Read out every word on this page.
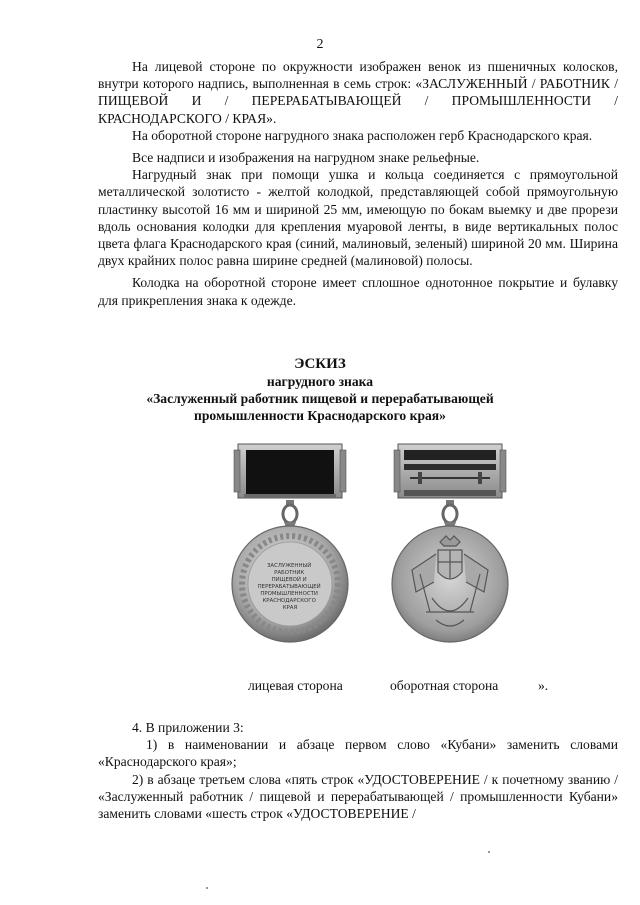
2

На лицевой стороне по окружности изображен венок из пшеничных колосков, внутри которого надпись, выполненная в семь строк: «ЗАСЛУЖЕННЫЙ / РАБОТНИК / ПИЩЕВОЙ И / ПЕРЕРАБАТЫВАЮЩЕЙ / ПРОМЫШЛЕННОСТИ / КРАСНОДАРСКОГО / КРАЯ».

На оборотной стороне нагрудного знака расположен герб Краснодарского края.

Все надписи и изображения на нагрудном знаке рельефные.

Нагрудный знак при помощи ушка и кольца соединяется с прямоугольной металлической золотисто - желтой колодкой, представляющей собой прямоугольную пластинку высотой 16 мм и шириной 25 мм, имеющую по бокам выемку и две прорези вдоль основания колодки для крепления муаровой ленты, в виде вертикальных полос цвета флага Краснодарского края (синий, малиновый, зеленый) шириной 20 мм. Ширина двух крайних полос равна ширине средней (малиновой) полосы.

Колодка на оборотной стороне имеет сплошное однотонное покрытие и булавку для прикрепления знака к одежде.

ЭСКИЗ
нагрудного знака
«Заслуженный работник пищевой и перерабатывающей
промышленности Краснодарского края»
ЗАСЛУЖЕННЫЙ РАБОТНИК ПИЩЕВОЙ И ПЕРЕРАБАТЫВАЮЩЕЙ ПРОМЫШЛЕННОСТИ КРАСНОДАРСКОГО КРАЯ
лицевая сторона	оборотная сторона	».

4. В приложении 3:

1) в наименовании и абзаце первом слово «Кубани» заменить словами «Краснодарского края»;

2) в абзаце третьем слова «пять строк «УДОСТОВЕРЕНИЕ / к почетному званию / «Заслуженный работник / пищевой и перерабатывающей / промышленности Кубани» заменить словами «шесть строк «УДОСТОВЕРЕНИЕ /
